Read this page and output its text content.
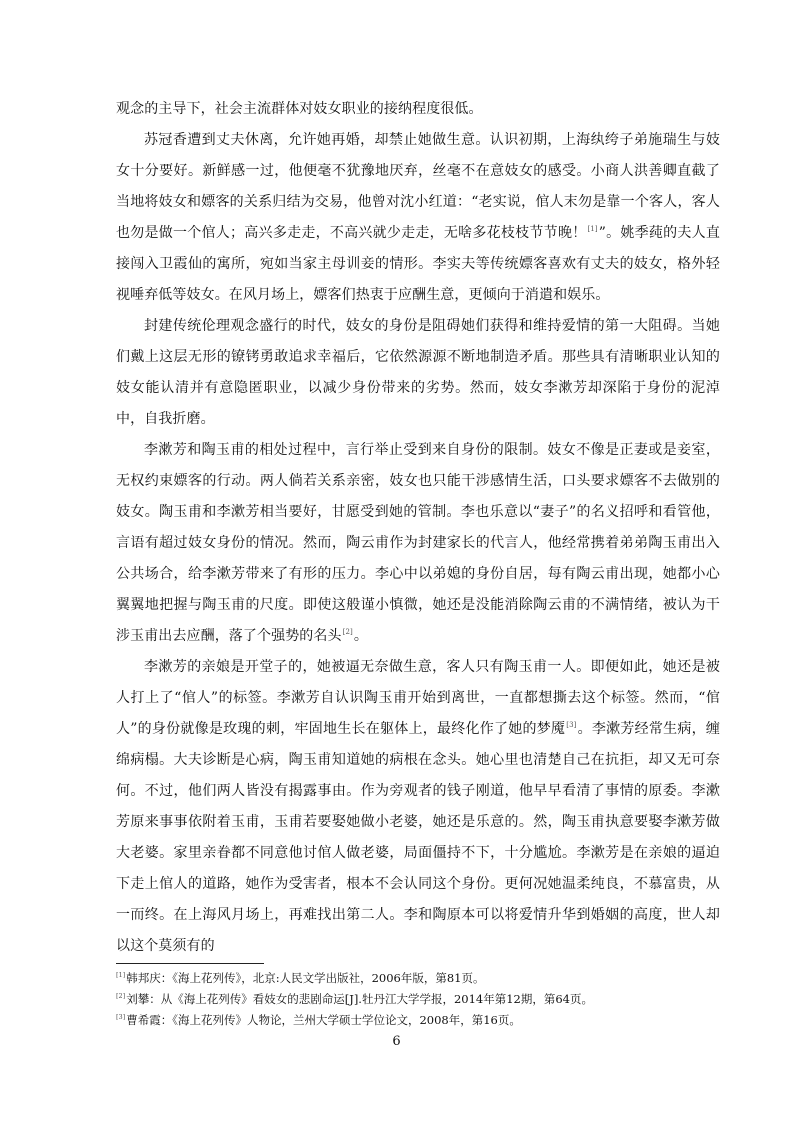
观念的主导下，社会主流群体对妓女职业的接纳程度很低。

苏冠香遭到丈夫休离，允许她再婚，却禁止她做生意。认识初期，上海纨绔子弟施瑞生与妓女十分要好。新鲜感一过，他便毫不犹豫地厌弃，丝毫不在意妓女的感受。小商人洪善卿直截了当地将妓女和嫖客的关系归结为交易，他曾对沈小红道：“老实说，倌人末勿是靠一个客人，客人也勿是做一个倌人；高兴多走走，不高兴就少走走，无啥多花枝枝节节晚！[1]”。姚季莼的夫人直接闯入卫霞仙的寓所，宛如当家主母训妾的情形。李实夫等传统嫖客喜欢有丈夫的妓女，格外轻视唾弃低等妓女。在风月场上，嫖客们热衷于应酬生意，更倾向于消遣和娱乐。

封建传统伦理观念盛行的时代，妓女的身份是阻碍她们获得和维持爱情的第一大阻碍。当她们戴上这层无形的镣铐勇敢追求幸福后，它依然源源不断地制造矛盾。那些具有清晰职业认知的妓女能认清并有意隐匿职业，以减少身份带来的劣势。然而，妓女李漱芳却深陷于身份的泥淖中，自我折磨。

李漱芳和陶玉甫的相处过程中，言行举止受到来自身份的限制。妓女不像是正妻或是妾室，无权约束嫖客的行动。两人倘若关系亲密，妓女也只能干涉感情生活，口头要求嫖客不去做别的妓女。陶玉甫和李漱芳相当要好，甘愿受到她的管制。李也乐意以“妻子”的名义招呼和看管他，言语有超过妓女身份的情况。然而，陶云甫作为封建家长的代言人，他经常携着弟弟陶玉甫出入公共场合，给李漱芳带来了有形的压力。李心中以弟媳的身份自居，每有陶云甫出现，她都小心翼翼地把握与陶玉甫的尺度。即使这般谨小慎微，她还是没能消除陶云甫的不满情绪，被认为干涉玉甫出去应酬，落了个强势的名头[2]。

李漱芳的亲娘是开堂子的，她被逼无奈做生意，客人只有陶玉甫一人。即便如此，她还是被人打上了“倌人”的标签。李漱芳自认识陶玉甫开始到离世，一直都想撕去这个标签。然而，“倌人”的身份就像是玫瑰的刺，牢固地生长在躯体上，最终化作了她的梦魇[3]。李漱芳经常生病，缠绵病榻。大夫诊断是心病，陶玉甫知道她的病根在念头。她心里也清楚自己在抗拒，却又无可奈何。不过，他们两人皆没有揭露事由。作为旁观者的钱子刚道，他早早看清了事情的原委。李漱芳原来事事依附着玉甫，玉甫若要娶她做小老婆，她还是乐意的。然，陶玉甫执意要娶李漱芳做大老婆。家里亲眷都不同意他讨倌人做老婆，局面僵持不下，十分尴尬。李漱芳是在亲娘的逼迫下走上倌人的道路，她作为受害者，根本不会认同这个身份。更何况她温柔纯良，不慕富贵，从一而终。在上海风月场上，再难找出第二人。李和陶原本可以将爱情升华到婚姻的高度，世人却以这个莫须有的

[1]韩邦庆：《海上花列传》，北京:人民文学出版社，2006年版，第81页。

[2]刘攀：从《海上花列传》看妓女的悲剧命运[J].牡丹江大学学报，2014年第12期，第64页。

[3]曹希霞：《海上花列传》人物论，兰州大学硕士学位论文，2008年，第16页。

6
